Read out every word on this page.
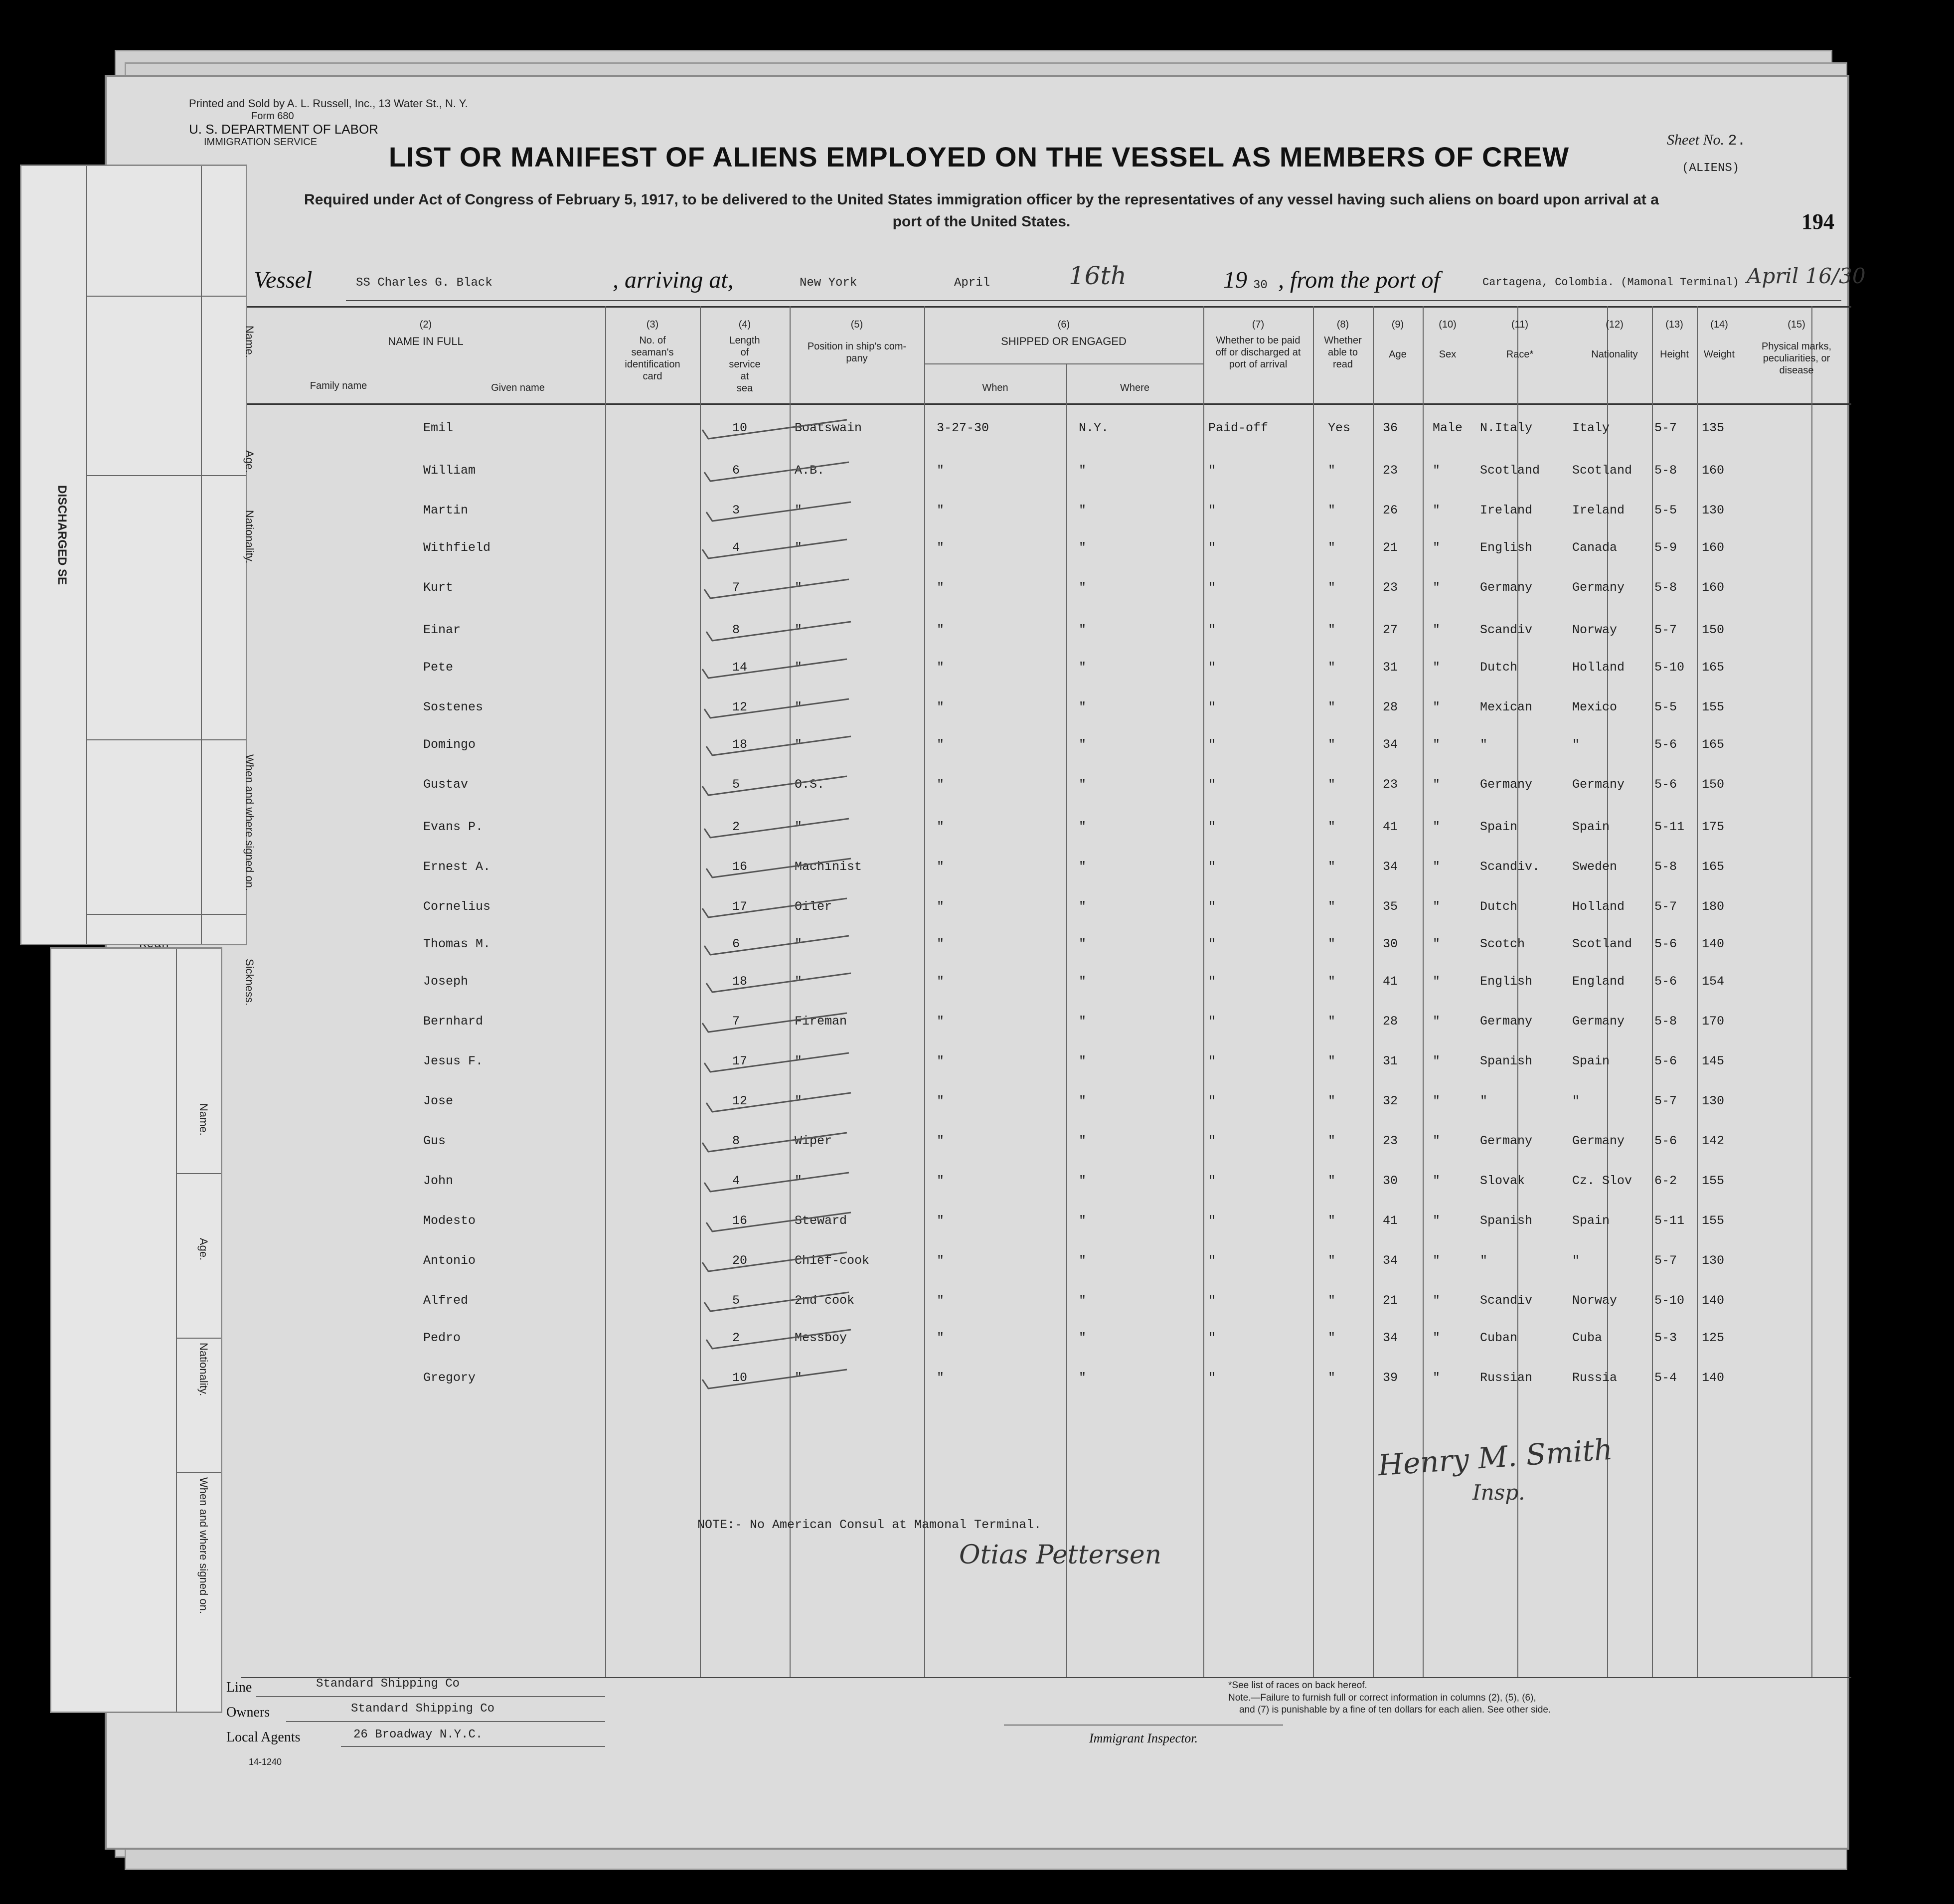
Printed and Sold by A. L. Russell, Inc., 13 Water St., N. Y.
Form 680
U. S. DEPARTMENT OF LABOR
IMMIGRATION SERVICE	LIST OR MANIFEST OF ALIENS EMPLOYED ON THE VESSEL AS MEMBERS OF CREW
Sheet No. 2.
(ALIENS)
Required under Act of Congress of February 5, 1917, to be delivered to the United States immigration officer by the representatives of any vessel having such aliens on board upon arrival at a
port of the United States.	194
Vessel	SS Charles G. Black	, arriving at,	New York	April	16th	19 30 , from the port of	Cartagena, Colombia. (Mamonal Terminal) April 16/30
(2)
NAME IN FULL
Family name	Given name
(3)
No. of
seaman's
identification
card
(4)
Length
of
service
at
sea
(5)
Position in ship's com-
pany
(6)
SHIPPED OR ENGAGED
When	Where
(7)
Whether to be paid
off or discharged at
port of arrival
(8)
Whether
able to
read
(9)
Age
(10)
Sex
(11)
Race*
(12)
Nationality
(13)
Height
(14)
Weight
(15)
Physical marks,
peculiarities, or
disease
Emil	10	Boatswain	3-27-30	N.Y.	Paid-off	Yes	36	Male N.Italy	Italy	5-7 135
William	6	A.B.	"	"	"	"	23	"	Scotland	Scotland 5-8 160
Martin	3	"	"	"	"	"	26	"	Ireland	Ireland 5-5 130
Withfield	4	"	"	"	"	"	21	"	English	Canada	5-9 160
Kurt	7	"	"	"	"	"	23	"	Germany	Germany 5-8 160
Einar	8	"	"	"	"	"	27	"	Scandiv	Norway	5-7 150
Pete	14	"	"	"	"	"	31	"	Dutch	Holland 5-10 165
Sostenes	12	"	"	"	"	"	28	"	Mexican	Mexico	5-5 155
Domingo	18	"	"	"	"	"	34	"	"	"	5-6 165
Gustav	5	O.S.	"	"	"	"	23	"	Germany	Germany 5-6 150
Evans P.	2	"	"	"	"	"	41	"	Spain	Spain	5-11 175
Ernest A.	16	Machinist	"	"	"	"	34	"	Scandiv.	Sweden	5-8 165
Cornelius	17	Oiler	"	"	"	"	35	"	Dutch	Holland 5-7 180
Thomas M.	6	"	"	"	"	"	30	"	Scotch	Scotland 5-6 140
Joseph	18	"	"	"	"	"	41	"	English	England 5-6 154
Bernhard	7	Fireman	"	"	"	"	28	"	Germany	Germany 5-8 170
Jesus F.	17	"	"	"	"	"	31	"	Spanish	Spain	5-6 145
Jose	12	"	"	"	"	"	32	"	"	"	5-7 130
Gus	8	Wiper	"	"	"	"	23	"	Germany	Germany 5-6 142
John	4	"	"	"	"	"	30	"	Slovak	Cz. Slov 6-2 155
Modesto	16	Steward	"	"	"	"	41	"	Spanish	Spain	5-11 155
Antonio	20	Chief-cook	"	"	"	"	34	"	"	"	5-7 130
Alfred	5	2nd cook	"	"	"	"	21	"	Scandiv	Norway	5-10 140
Pedro	2	Messboy	"	"	"	"	34	"	Cuban	Cuba	5-3 125
Gregory	10	"	"	"	"	"	39	"	Russian	Russia	5-4 140
NOTE:- No American Consul at Mamonal Terminal.
Henry M. Smith
Insp.
Otias Pettersen
Line	Standard Shipping Co
Owners	Standard Shipping Co
Local Agents	26 Broadway N.Y.C.
14-1240
Immigrant Inspector.
*See list of races on back hereof.
Note.—Failure to furnish full or correct information in columns (2), (5), (6),
and (7) is punishable by a fine of ten dollars for each alien. See other side.
Name.
Age.
Nationality.
When and where signed on.
Sickness.
DISCHARGED SE
Name.
Age.
Nationality.
When and where signed on.
